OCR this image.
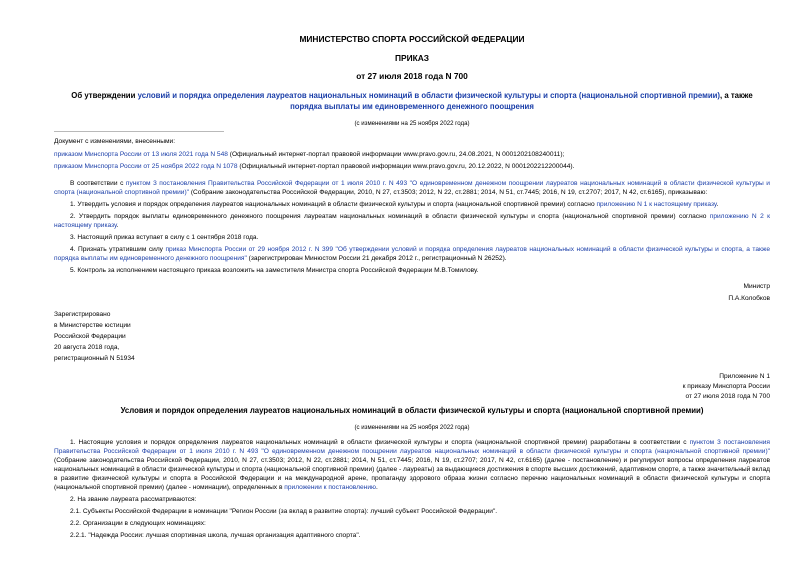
МИНИСТЕРСТВО СПОРТА РОССИЙСКОЙ ФЕДЕРАЦИИ
ПРИКАЗ
от 27 июля 2018 года N 700
Об утверждении условий и порядка определения лауреатов национальных номинаций в области физической культуры и спорта (национальной спортивной премии), а также порядка выплаты им единовременного денежного поощрения
(с изменениями на 25 ноября 2022 года)

Документ с изменениями, внесенными:

приказом Минспорта России от 13 июля 2021 года N 548 (Официальный интернет-портал правовой информации www.pravo.gov.ru, 24.08.2021, N 0001202108240011);

приказом Минспорта России от 25 ноября 2022 года N 1078 (Официальный интернет-портал правовой информации www.pravo.gov.ru, 20.12.2022, N 0001202212200044).

В соответствии с пунктом 3 постановления Правительства Российской Федерации от 1 июля 2010 г. N 493 "О единовременном денежном поощрении лауреатов национальных номинаций в области физической культуры и спорта (национальной спортивной премии)" (Собрание законодательства Российской Федерации, 2010, N 27, ст.3503; 2012, N 22, ст.2881; 2014, N 51, ст.7445; 2016, N 19, ст.2707; 2017, N 42, ст.6165), приказываю:

1. Утвердить условия и порядок определения лауреатов национальных номинаций в области физической культуры и спорта (национальной спортивной премии) согласно приложению N 1 к настоящему приказу.

2. Утвердить порядок выплаты единовременного денежного поощрения лауреатам национальных номинаций в области физической культуры и спорта (национальной спортивной премии) согласно приложению N 2 к настоящему приказу.

3. Настоящий приказ вступает в силу с 1 сентября 2018 года.

4. Признать утратившим силу приказ Минспорта России от 29 ноября 2012 г. N 399 "Об утверждении условий и порядка определения лауреатов национальных номинаций в области физической культуры и спорта, а также порядка выплаты им единовременного денежного поощрения" (зарегистрирован Минюстом России 21 декабря 2012 г., регистрационный N 26252).

5. Контроль за исполнением настоящего приказа возложить на заместителя Министра спорта Российской Федерации М.В.Томилову.

Министр

П.А.Колобков

Зарегистрировано

в Министерстве юстиции

Российской Федерации

20 августа 2018 года,

регистрационный N 51934

Приложение N 1

к приказу Минспорта России

от 27 июля 2018 года N 700

Условия и порядок определения лауреатов национальных номинаций в области физической культуры и спорта (национальной спортивной премии)
(с изменениями на 25 ноября 2022 года)

1. Настоящие условия и порядок определения лауреатов национальных номинаций в области физической культуры и спорта (национальной спортивной премии) разработаны в соответствии с пунктом 3 постановления Правительства Российской Федерации от 1 июля 2010 г. N 493 "О единовременном денежном поощрении лауреатов национальных номинаций в области физической культуры и спорта (национальной спортивной премии)" (Собрание законодательства Российской Федерации, 2010, N 27, ст.3503; 2012, N 22, ст.2881; 2014, N 51, ст.7445; 2016, N 19, ст.2707; 2017, N 42, ст.6165) (далее - постановление) и регулируют вопросы определения лауреатов национальных номинаций в области физической культуры и спорта (национальной спортивной премии) (далее - лауреаты) за выдающиеся достижения в спорте высших достижений, адаптивном спорте, а также значительный вклад в развитие физической культуры и спорта в Российской Федерации и на международной арене, пропаганду здорового образа жизни согласно перечню национальных номинаций в области физической культуры и спорта (национальной спортивной премии) (далее - номинации), определенных в приложении к постановлению.

2. На звание лауреата рассматриваются:

2.1. Субъекты Российской Федерации в номинации "Регион России (за вклад в развитие спорта): лучший субъект Российской Федерации".

2.2. Организации в следующих номинациях:

2.2.1. "Надежда России: лучшая спортивная школа, лучшая организация адаптивного спорта".
